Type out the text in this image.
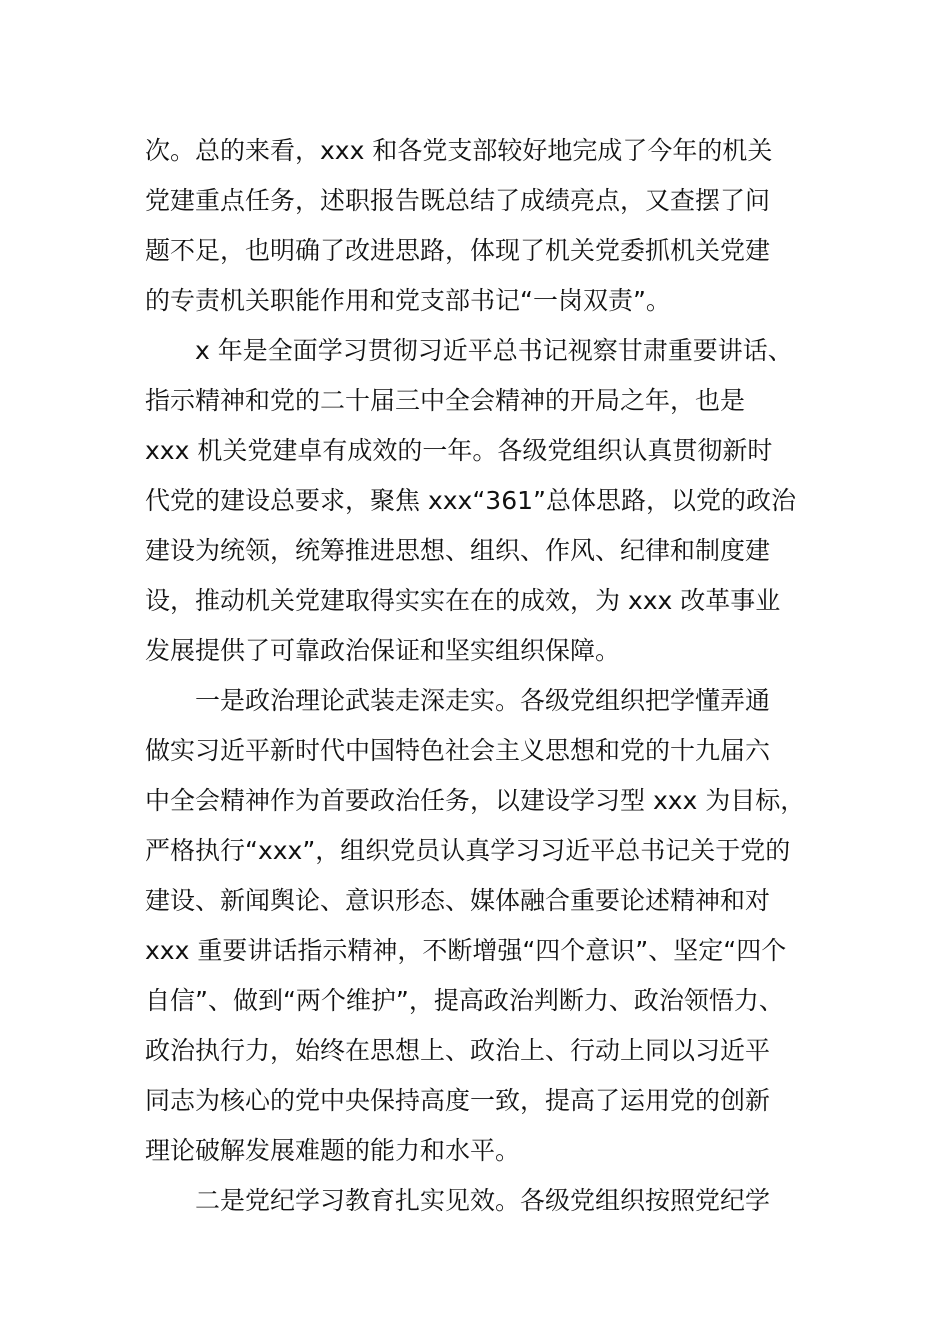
次。总的来看，xxx 和各党支部较好地完成了今年的机关
党建重点任务，述职报告既总结了成绩亮点，又查摆了问
题不足，也明确了改进思路，体现了机关党委抓机关党建
的专责机关职能作用和党支部书记“一岗双责”。
x 年是全面学习贯彻习近平总书记视察甘肃重要讲话、
指示精神和党的二十届三中全会精神的开局之年，也是
xxx 机关党建卓有成效的一年。各级党组织认真贯彻新时
代党的建设总要求，聚焦 xxx“361”总体思路，以党的政治
建设为统领，统筹推进思想、组织、作风、纪律和制度建
设，推动机关党建取得实实在在的成效，为 xxx 改革事业
发展提供了可靠政治保证和坚实组织保障。
一是政治理论武装走深走实。各级党组织把学懂弄通
做实习近平新时代中国特色社会主义思想和党的十九届六
中全会精神作为首要政治任务，以建设学习型 xxx 为目标，
严格执行“xxx”，组织党员认真学习习近平总书记关于党的
建设、新闻舆论、意识形态、媒体融合重要论述精神和对
xxx 重要讲话指示精神，不断增强“四个意识”、坚定“四个
自信”、做到“两个维护”，提高政治判断力、政治领悟力、
政治执行力，始终在思想上、政治上、行动上同以习近平
同志为核心的党中央保持高度一致，提高了运用党的创新
理论破解发展难题的能力和水平。
二是党纪学习教育扎实见效。各级党组织按照党纪学
